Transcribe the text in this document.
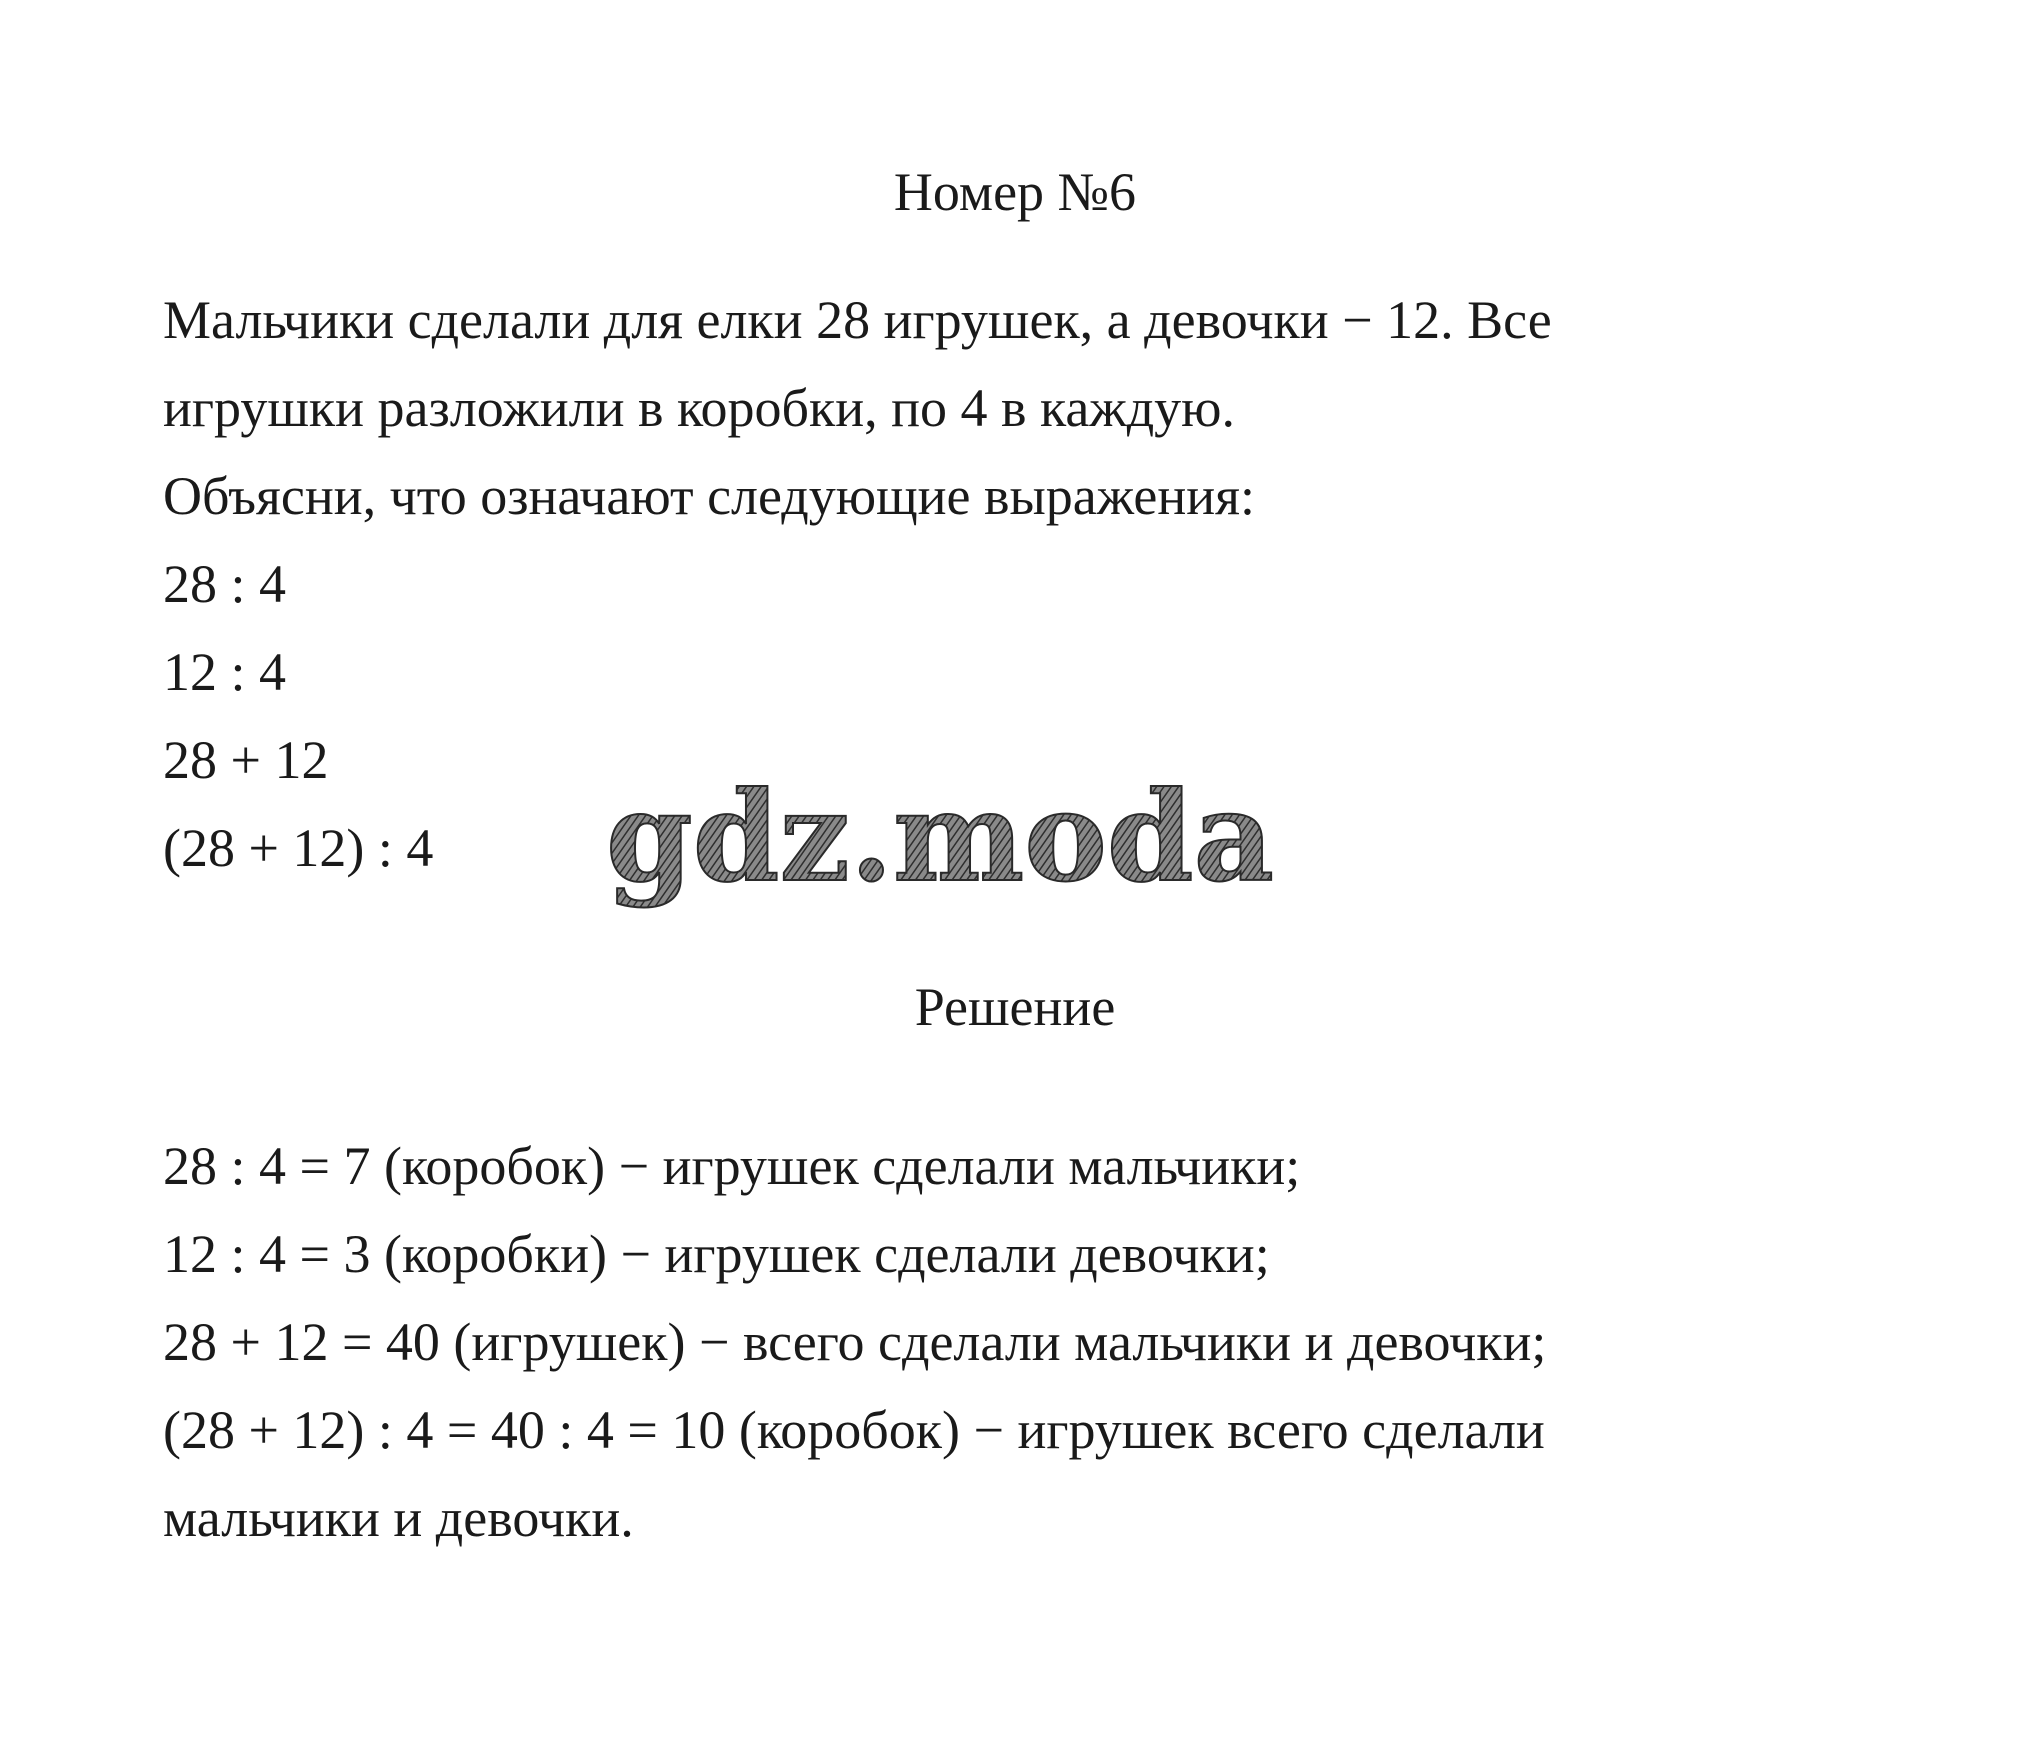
Номер №6

Мальчики сделали для елки 28 игрушек, а девочки − 12. Все

игрушки разложили в коробки, по 4 в каждую.

Объясни, что означают следующие выражения:

28 : 4

12 : 4

28 + 12

(28 + 12) : 4 gdz.moda
Решение

28 : 4 = 7 (коробок) − игрушек сделали мальчики;

12 : 4 = 3 (коробки) − игрушек сделали девочки;

28 + 12 = 40 (игрушек) − всего сделали мальчики и девочки;

(28 + 12) : 4 = 40 : 4 = 10 (коробок) − игрушек всего сделали

мальчики и девочки.
